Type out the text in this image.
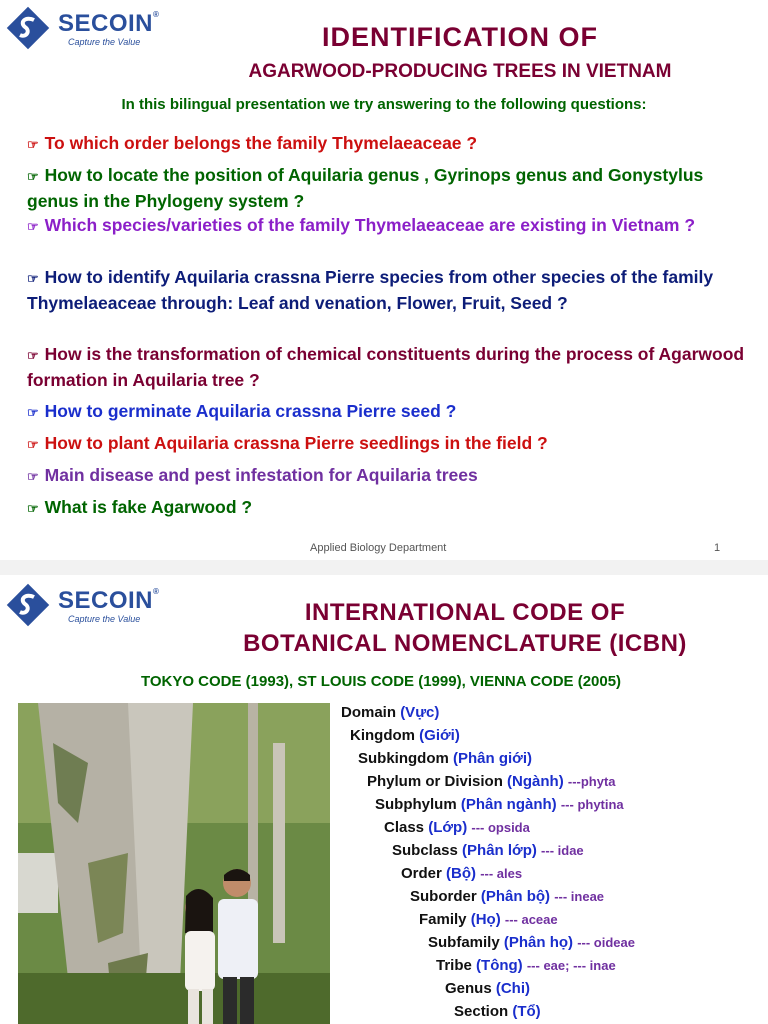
SECOIN®
Capture the Value	IDENTIFICATION OF
AGARWOOD-PRODUCING TREES IN VIETNAM
In this bilingual presentation we try answering to the following questions:
☞ To which order belongs the family Thymelaeaceae ?
☞ How to locate the position of Aquilaria genus , Gyrinops genus and Gonystylus genus in the Phylogeny system ?
☞ Which species/varieties of the family Thymelaeaceae are existing in Vietnam ?
☞ How to identify Aquilaria crassna Pierre species from other species of the family Thymelaeaceae through: Leaf and venation, Flower, Fruit, Seed ?
☞ How is the transformation of chemical constituents during the process of Agarwood formation in Aquilaria tree ?
☞ How to germinate Aquilaria crassna Pierre seed ?
☞ How to plant Aquilaria crassna Pierre seedlings in the field ?
☞ Main disease and pest infestation for Aquilaria trees
☞ What is fake Agarwood ?
Applied Biology Department	1
SECOIN®
Capture the Value	INTERNATIONAL CODE OF
BOTANICAL NOMENCLATURE (ICBN)
TOKYO CODE (1993), ST LOUIS CODE (1999), VIENNA CODE (2005)
Domain (Vực)
Kingdom (Giới)
Subkingdom (Phân giới)
Phylum or Division (Ngành) ---phyta
Subphylum (Phân ngành) --- phytina
Class (Lớp) --- opsida
Subclass (Phân lớp) --- idae
Order (Bộ) --- ales
Suborder (Phân bộ) --- ineae
Family (Họ) --- aceae
Subfamily (Phân họ) --- oideae
Tribe (Tông) --- eae; --- inae
Genus (Chi)
Section (Tổ)
